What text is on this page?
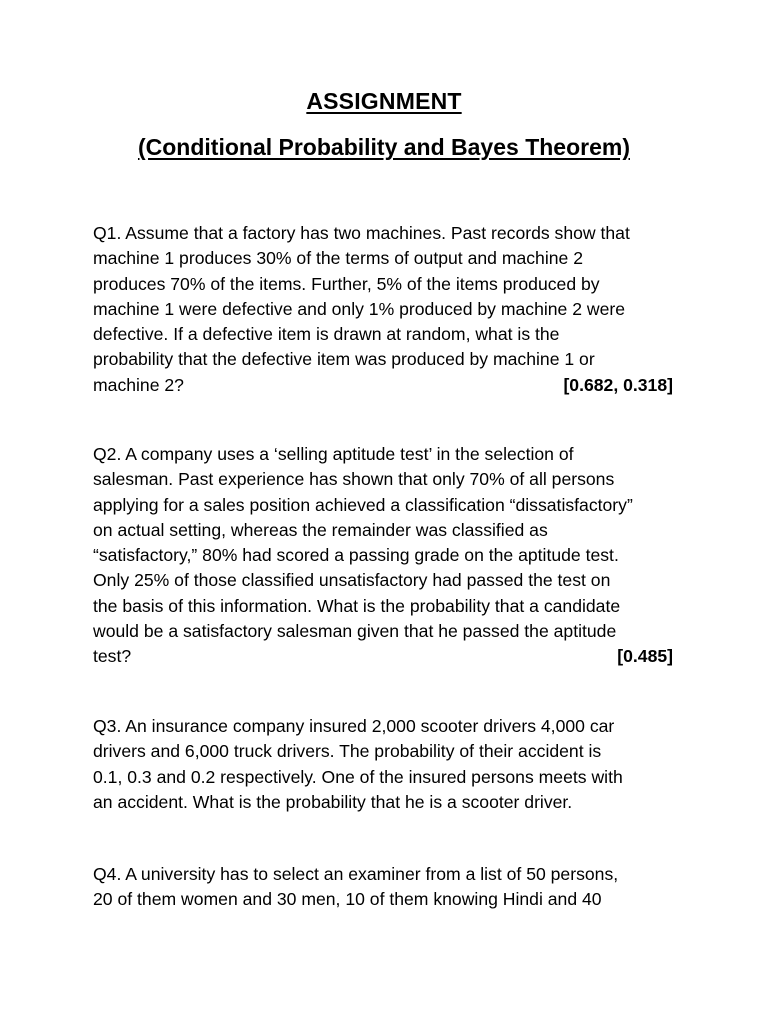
ASSIGNMENT
(Conditional Probability and Bayes Theorem)
Q1. Assume that a factory has two machines. Past records show that
machine 1 produces 30% of the terms of output and machine 2
produces 70% of the items. Further, 5% of the items produced by
machine 1 were defective and only 1% produced by machine 2 were
defective. If a defective item is drawn at random, what is the
probability that the defective item was produced by machine 1 or
machine 2?	[0.682, 0.318]
Q2. A company uses a ‘selling aptitude test’ in the selection of
salesman. Past experience has shown that only 70% of all persons
applying for a sales position achieved a classification “dissatisfactory”
on actual setting, whereas the remainder was classified as
“satisfactory,” 80% had scored a passing grade on the aptitude test.
Only 25% of those classified unsatisfactory had passed the test on
the basis of this information. What is the probability that a candidate
would be a satisfactory salesman given that he passed the aptitude
test?	[0.485]
Q3. An insurance company insured 2,000 scooter drivers 4,000 car
drivers and 6,000 truck drivers. The probability of their accident is
0.1, 0.3 and 0.2 respectively. One of the insured persons meets with
an accident. What is the probability that he is a scooter driver.
Q4. A university has to select an examiner from a list of 50 persons,
20 of them women and 30 men, 10 of them knowing Hindi and 40
